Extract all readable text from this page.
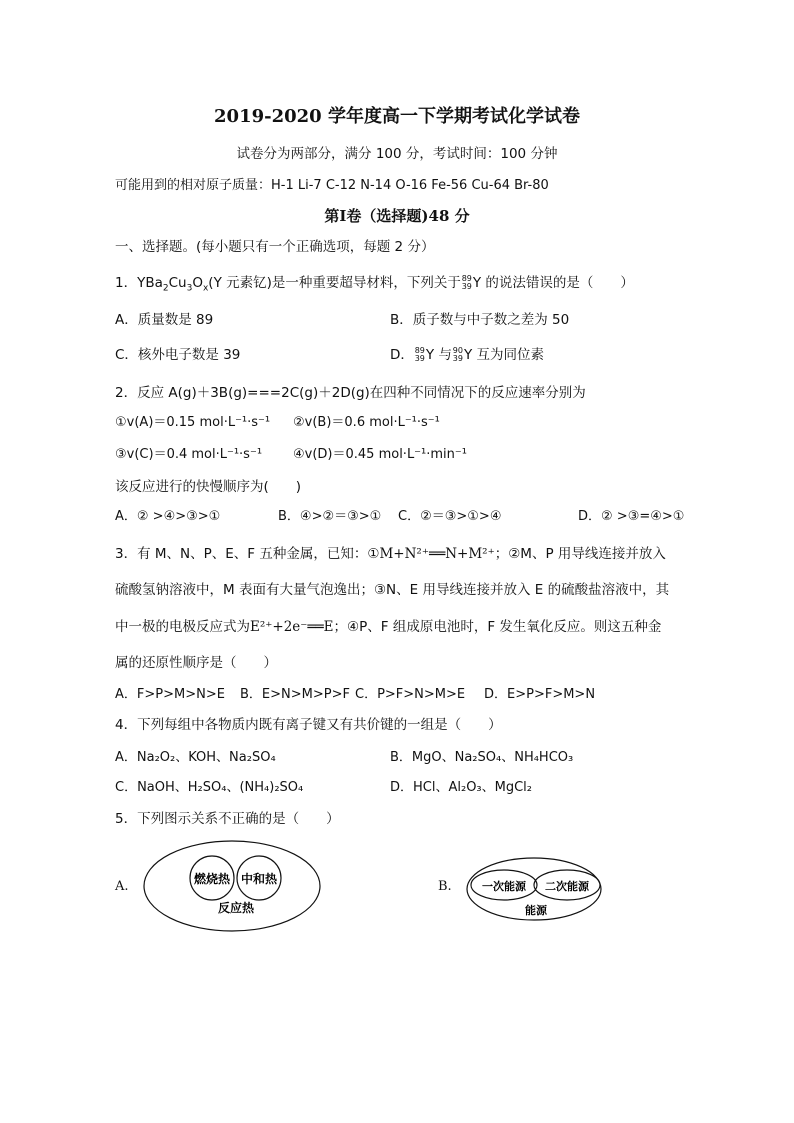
2019-2020 学年度高一下学期考试化学试卷
试卷分为两部分，满分 100 分，考试时间：100 分钟
可能用到的相对原子质量：H-1 Li-7 C-12 N-14 O-16 Fe-56 Cu-64 Br-80
第Ⅰ卷（选择题)48 分
一、选择题。(每小题只有一个正确选项，每题 2 分）
1．$YBa_2Cu_3O_x(Y$ 元素钇)是一种重要超导材料，下列关于 89
39 Y 的说法错误的是（　　）
A．质量数是 89	B．质子数与中子数之差为 50
C．核外电子数是 39	D． 89
39 Y 与 90
39 Y 互为同位素
2．反应 A(g)＋3B(g)===2C(g)＋2D(g)在四种不同情况下的反应速率分别为
①v(A)＝0.15 mol·L⁻¹·s⁻¹ ②v(B)＝0.6 mol·L⁻¹·s⁻¹
③v(C)＝0.4 mol·L⁻¹·s⁻¹ ④v(D)＝0.45 mol·L⁻¹·min⁻¹
该反应进行的快慢顺序为(　　)
A．② >④>③>①	B．④>②＝③>① C．②＝③>①>④	D．② >③=④>①
3．有 M、N、P、E、F 五种金属，已知：①M+N²⁺══N+M²⁺；②M、P 用导线连接并放入
硫酸氢钠溶液中，M 表面有大量气泡逸出；③N、E 用导线连接并放入 E 的硫酸盐溶液中，其
中一极的电极反应式为E²⁺+2e⁻══E；④P、F 组成原电池时，F 发生氧化反应。则这五种金
属的还原性顺序是（　　）
A．F>P>M>N>E B．E>N>M>P>F C．P>F>N>M>E D．E>P>F>M>N
4．下列每组中各物质内既有离子键又有共价键的一组是（　　）
A．Na₂O₂、KOH、Na₂SO₄	B．MgO、Na₂SO₄、NH₄HCO₃
C．NaOH、H₂SO₄、(NH₄)₂SO₄	D．HCl、Al₂O₃、MgCl₂
5．下列图示关系不正确的是（　　）
A.	燃烧热 中和热
反应热
B.	一次能源 二次能源
能源
